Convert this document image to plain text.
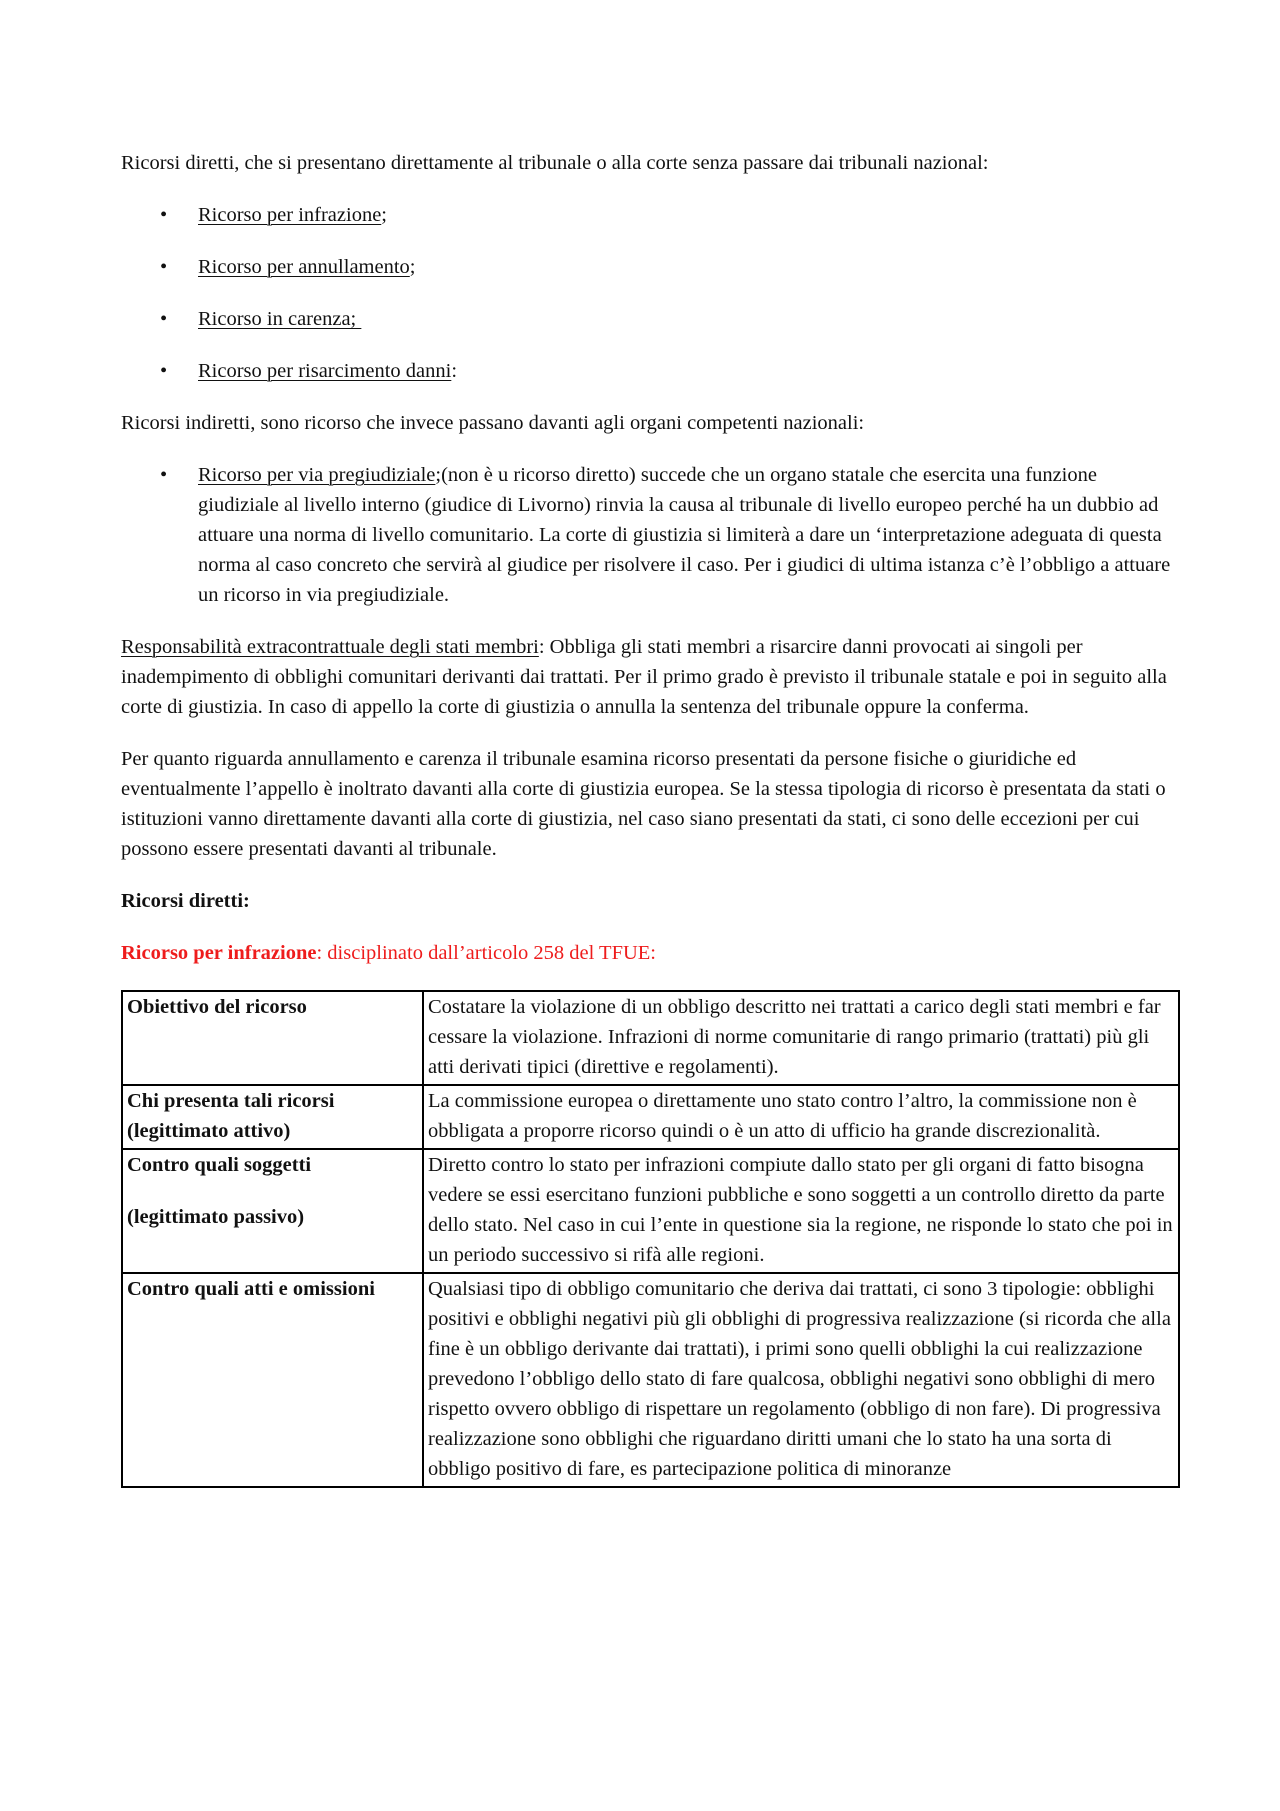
Ricorsi diretti, che si presentano direttamente al tribunale o alla corte senza passare dai tribunali nazional:

• Ricorso per infrazione;
• Ricorso per annullamento;
• Ricorso in carenza;
• Ricorso per risarcimento danni:

Ricorsi indiretti, sono ricorso che invece passano davanti agli organi competenti nazionali:

• Ricorso per via pregiudiziale;(non è u ricorso diretto) succede che un organo statale che esercita una funzione giudiziale al livello interno (giudice di Livorno) rinvia la causa al tribunale di livello europeo perché ha un dubbio ad attuare una norma di livello comunitario. La corte di giustizia si limiterà a dare un ‘interpretazione adeguata di questa norma al caso concreto che servirà al giudice per risolvere il caso. Per i giudici di ultima istanza c’è l’obbligo a attuare un ricorso in via pregiudiziale.

Responsabilità extracontrattuale degli stati membri: Obbliga gli stati membri a risarcire danni provocati ai singoli per inadempimento di obblighi comunitari derivanti dai trattati. Per il primo grado è previsto il tribunale statale e poi in seguito alla corte di giustizia. In caso di appello la corte di giustizia o annulla la sentenza del tribunale oppure la conferma.

Per quanto riguarda annullamento e carenza il tribunale esamina ricorso presentati da persone fisiche o giuridiche ed eventualmente l’appello è inoltrato davanti alla corte di giustizia europea. Se la stessa tipologia di ricorso è presentata da stati o istituzioni vanno direttamente davanti alla corte di giustizia, nel caso siano presentati da stati, ci sono delle eccezioni per cui possono essere presentati davanti al tribunale.

Ricorsi diretti:

Ricorso per infrazione: disciplinato dall’articolo 258 del TFUE:

Obiettivo del ricorso	Costatare la violazione di un obbligo descritto nei trattati a carico degli stati membri e far cessare la violazione. Infrazioni di norme comunitarie di rango primario (trattati) più gli atti derivati tipici (direttive e regolamenti).
Chi presenta tali ricorsi
(legittimato attivo)	La commissione europea o direttamente uno stato contro l’altro, la commissione non è obbligata a proporre ricorso quindi o è un atto di ufficio ha grande discrezionalità.
Contro quali soggetti
(legittimato passivo)	Diretto contro lo stato per infrazioni compiute dallo stato per gli organi di fatto bisogna vedere se essi esercitano funzioni pubbliche e sono soggetti a un controllo diretto da parte dello stato. Nel caso in cui l’ente in questione sia la regione, ne risponde lo stato che poi in un periodo successivo si rifà alle regioni.
Contro quali atti e omissioni	Qualsiasi tipo di obbligo comunitario che deriva dai trattati, ci sono 3 tipologie: obblighi positivi e obblighi negativi più gli obblighi di progressiva realizzazione (si ricorda che alla fine è un obbligo derivante dai trattati), i primi sono quelli obblighi la cui realizzazione prevedono l’obbligo dello stato di fare qualcosa, obblighi negativi sono obblighi di mero rispetto ovvero obbligo di rispettare un regolamento (obbligo di non fare). Di progressiva realizzazione sono obblighi che riguardano diritti umani che lo stato ha una sorta di obbligo positivo di fare, es partecipazione politica di minoranze
